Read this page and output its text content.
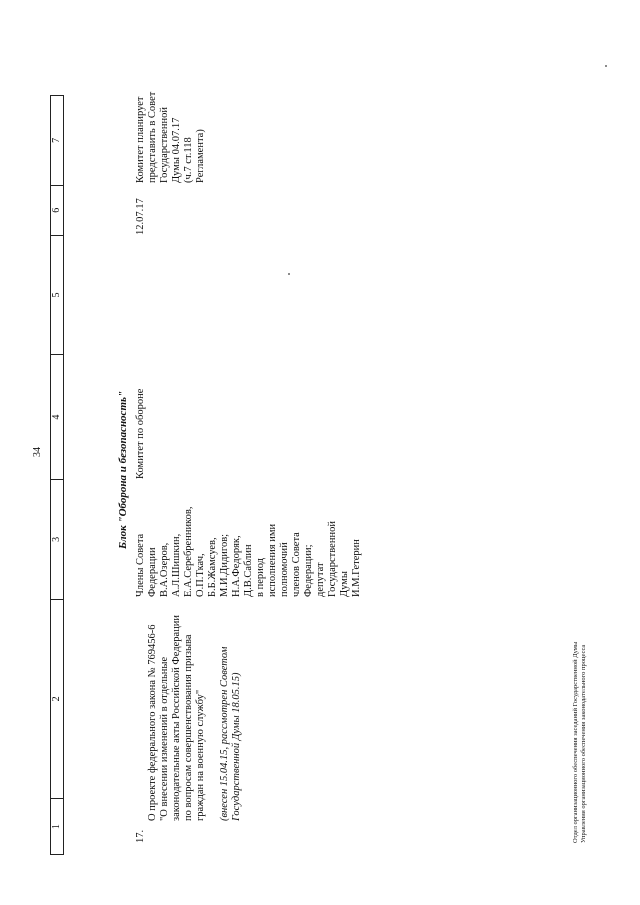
34
1
2
3
4
5
6
7
Блок "Оборона и безопасность"
17.

О проекте федерального закона № 769456-6
"О внесении изменений в отдельные
законодательные акты Российской Федерации
по вопросам совершенствования призыва
граждан на военную службу"

(внесен 15.04.15, рассмотрен Советом
Государственной Думы 18.05.15)

Члены Совета
Федерации
В.А.Озеров,
А.Л.Шишкин,
Е.А.Серебренников,
О.П.Ткач,
Б.Б.Жамсуев,
М.И.Дидигов;
Н.А.Федоряк,
Д.В.Саблин
в период
исполнения ими
полномочий
членов Совета
Федерации;
депутат
Государственной
Думы
И.М.Гетерин
Комитет по обороне
12.07.17
Комитет планирует
представить в Совет
Государственной
Думы 04.07.17
(ч.7 ст.118
Регламента)
Отдел организационного обеспечения заседаний Государственной Думы
Управления организационного обеспечения законодательного процесса
